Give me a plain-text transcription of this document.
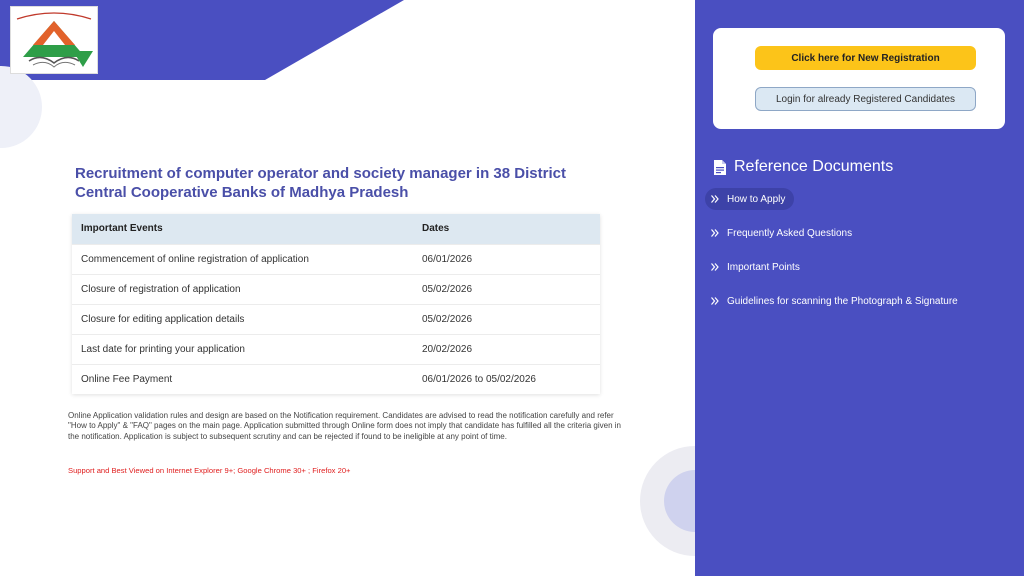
Recruitment of computer operator and society manager in 38 District Central Cooperative Banks of Madhya Pradesh
Important Events	Dates
Commencement of online registration of application	06/01/2026
Closure of registration of application	05/02/2026
Closure for editing application details	05/02/2026
Last date for printing your application	20/02/2026
Online Fee Payment	06/01/2026 to 05/02/2026

Online Application validation rules and design are based on the Notification requirement. Candidates are advised to read the notification carefully and refer "How to Apply" & "FAQ" pages on the main page. Application submitted through Online form does not imply that candidate has fulfilled all the criteria given in the notification. Application is subject to subsequent scrutiny and can be rejected if found to be ineligible at any point of time.

Support and Best Viewed on Internet Explorer 9+; Google Chrome 30+ ; Firefox 20+

Click here for New Registration
Login for already Registered Candidates
Reference Documents
How to Apply
Frequently Asked Questions
Important Points
Guidelines for scanning the Photograph & Signature
